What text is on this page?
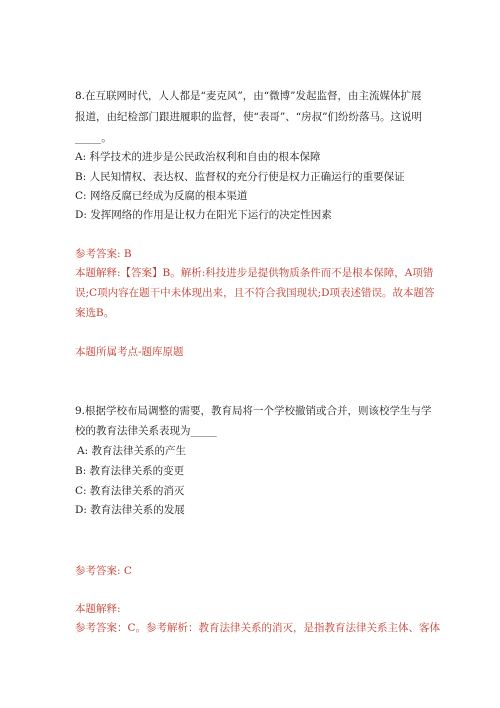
8.在互联网时代，人人都是“麦克风”，由“微博”发起监督，由主流媒体扩展
报道，由纪检部门跟进履职的监督，使“表哥”、“房叔”们纷纷落马。这说明
_____。
A: 科学技术的进步是公民政治权利和自由的根本保障
B: 人民知情权、表达权、监督权的充分行使是权力正确运行的重要保证
C: 网络反腐已经成为反腐的根本渠道
D: 发挥网络的作用是让权力在阳光下运行的决定性因素
参考答案: B
本题解释:【答案】B。解析:科技进步是提供物质条件而不是根本保障，A项错
误;C项内容在题干中未体现出来，且不符合我国现状;D项表述错误。故本题答
案选B。
本题所属考点-题库原题
9.根据学校布局调整的需要，教育局将一个学校撤销或合并，则该校学生与学
校的教育法律关系表现为_____
A: 教育法律关系的产生
B: 教育法律关系的变更
C: 教育法律关系的消灭
D: 教育法律关系的发展
参考答案: C
本题解释:
参考答案：C。参考解析：教育法律关系的消灭，是指教育法律关系主体、客体
